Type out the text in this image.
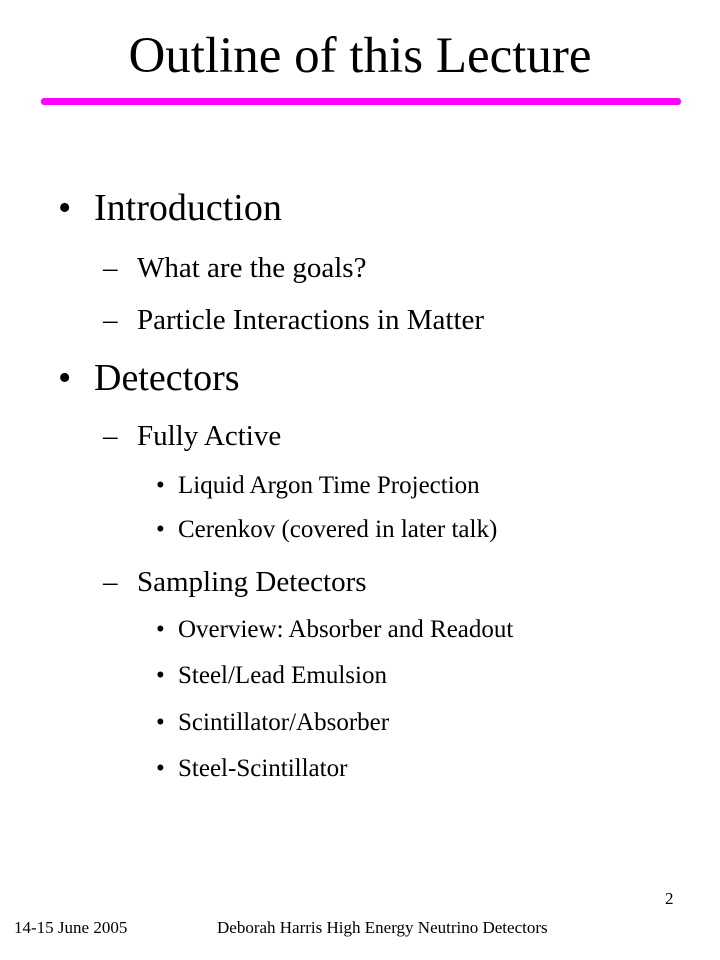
Outline of this Lecture
• Introduction
– What are the goals?
– Particle Interactions in Matter
• Detectors
– Fully Active
• Liquid Argon Time Projection
• Cerenkov (covered in later talk)
– Sampling Detectors
• Overview: Absorber and Readout
• Steel/Lead Emulsion
• Scintillator/Absorber
• Steel-Scintillator
14-15 June 2005	Deborah Harris High Energy Neutrino Detectors
2
